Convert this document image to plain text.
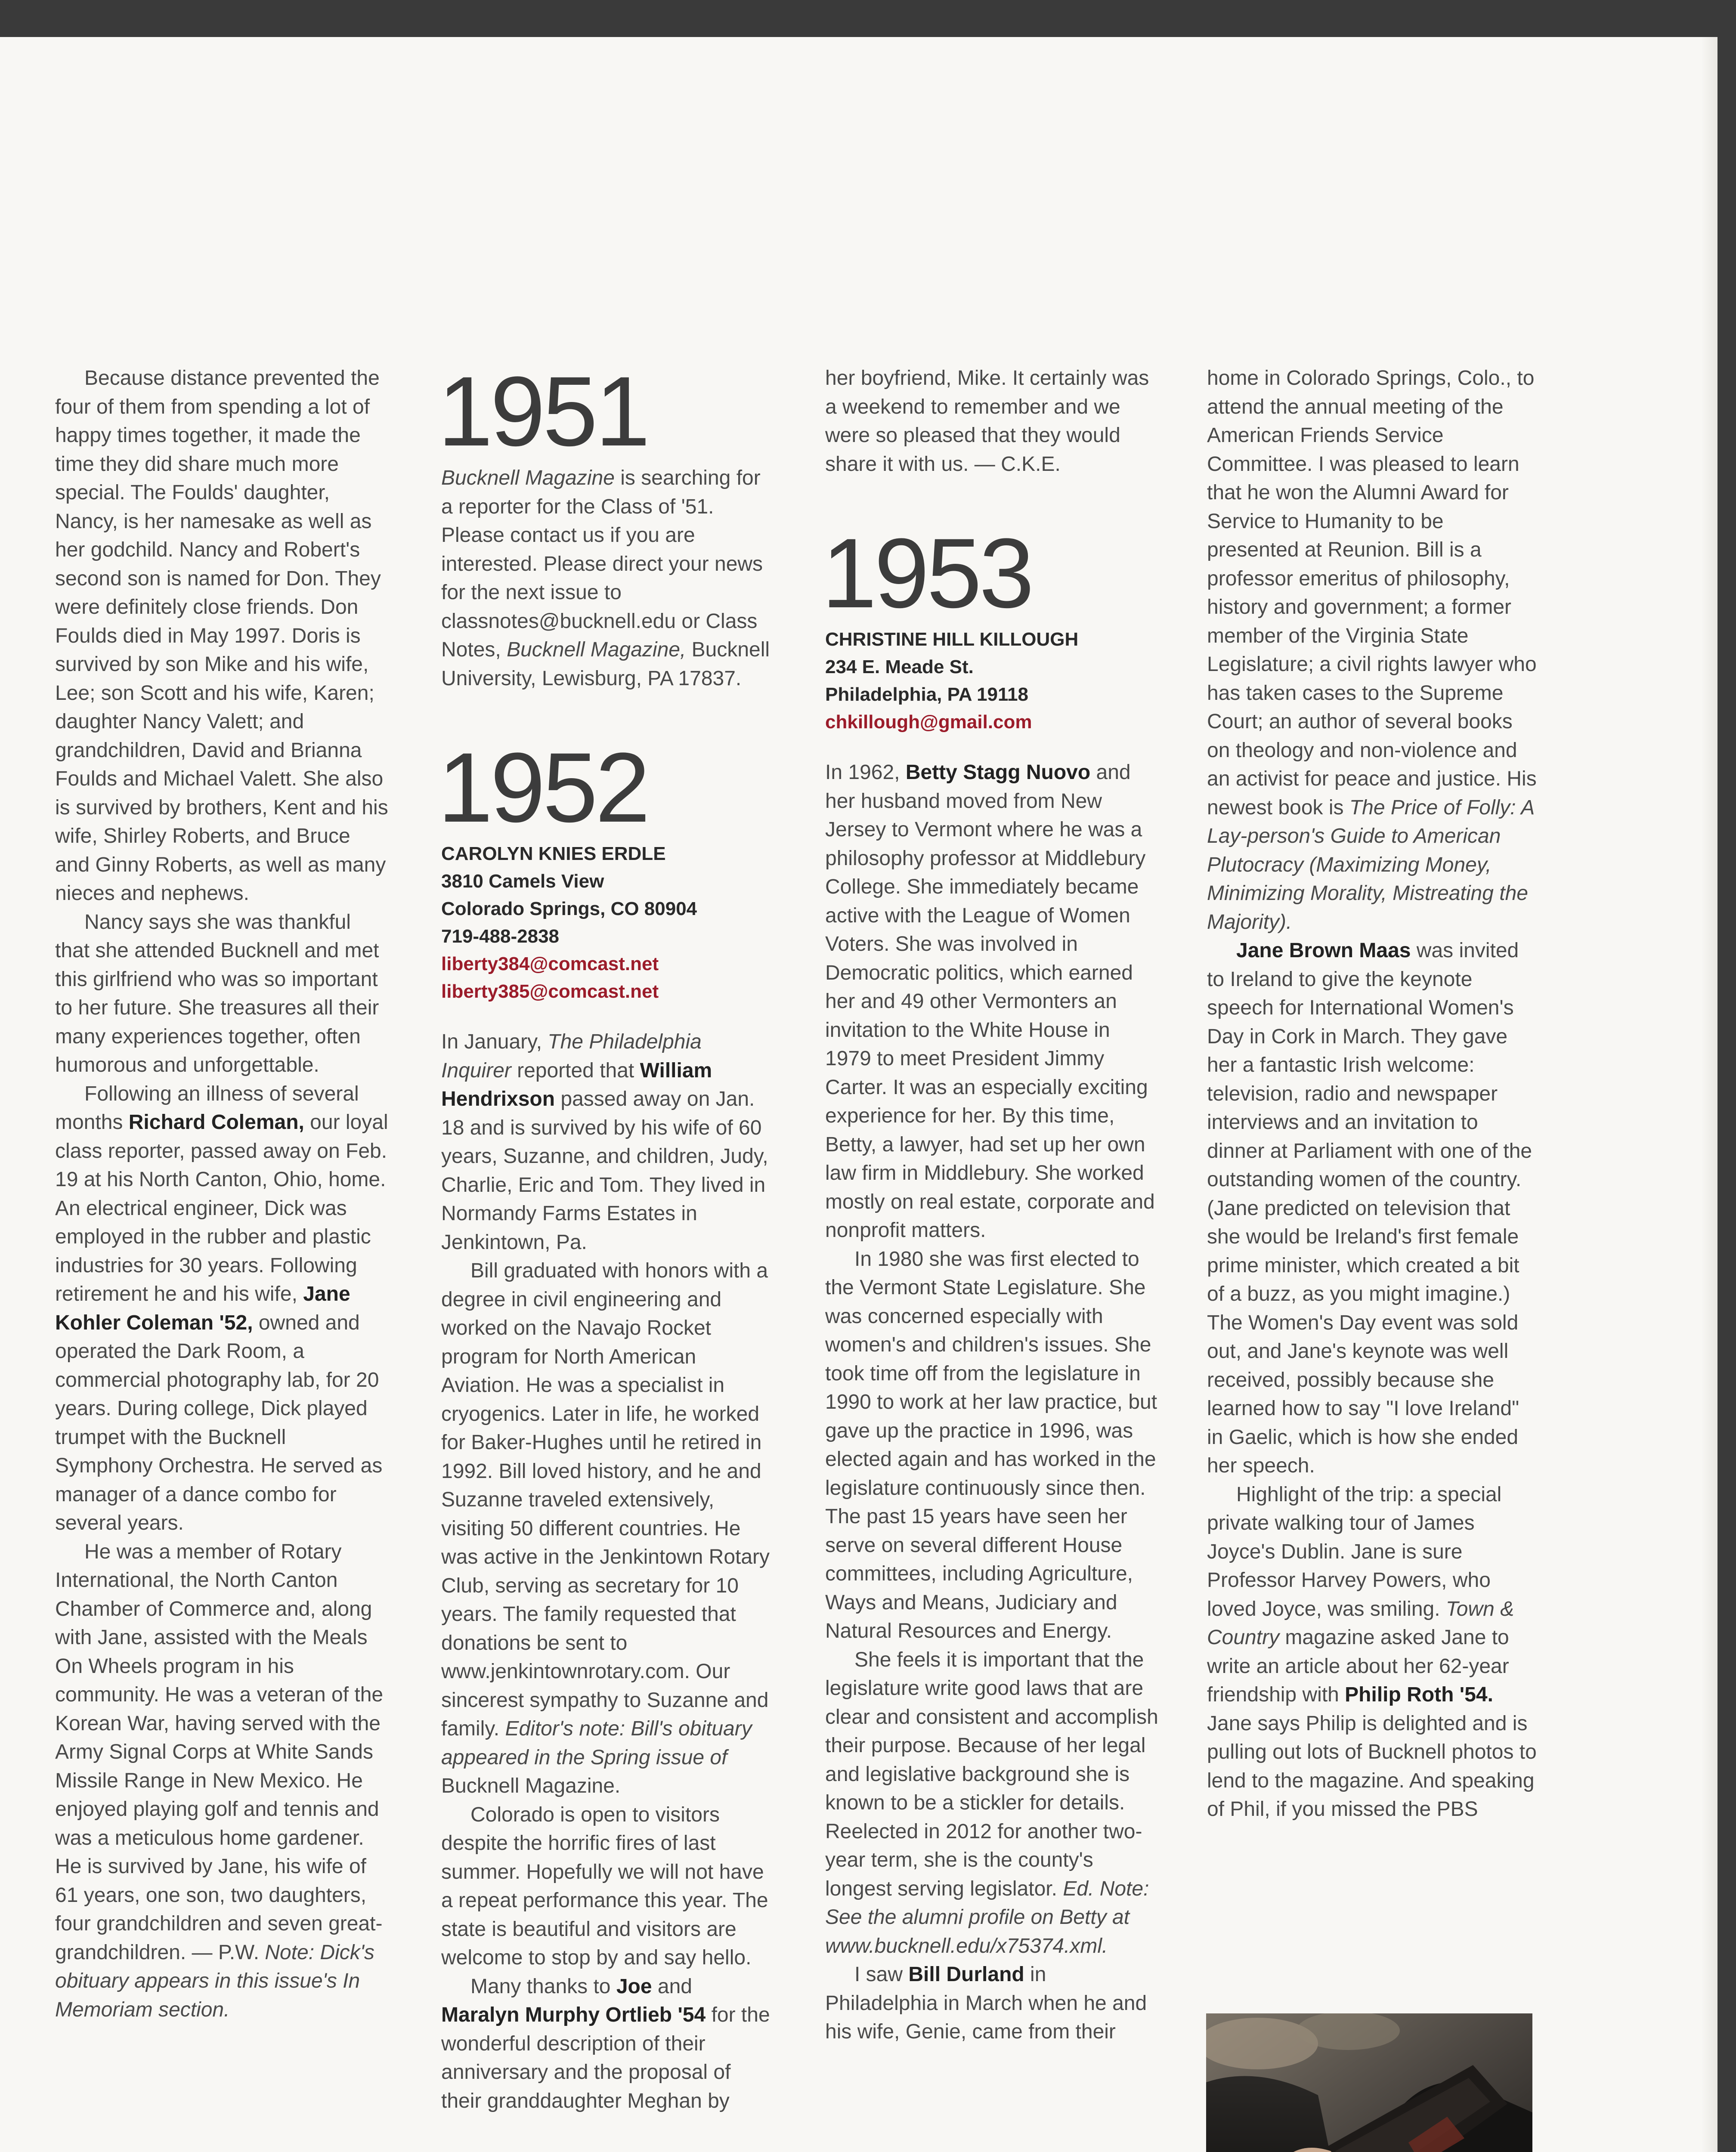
Because distance prevented the four of them from spending a lot of happy times together, it made the time they did share much more special. The Foulds' daughter, Nancy, is her namesake as well as her godchild. Nancy and Robert's second son is named for Don. They were definitely close friends. Don Foulds died in May 1997. Doris is survived by son Mike and his wife, Lee; son Scott and his wife, Karen; daughter Nancy Valett; and grandchildren, David and Brianna Foulds and Michael Valett. She also is survived by brothers, Kent and his wife, Shirley Roberts, and Bruce and Ginny Roberts, as well as many nieces and nephews.

Nancy says she was thankful that she attended Bucknell and met this girlfriend who was so important to her future. She treasures all their many experiences together, often humorous and unforgettable.

Following an illness of several months Richard Coleman, our loyal class reporter, passed away on Feb. 19 at his North Canton, Ohio, home. An electrical engineer, Dick was employed in the rubber and plastic industries for 30 years. Following retirement he and his wife, Jane Kohler Coleman '52, owned and operated the Dark Room, a commercial photography lab, for 20 years. During college, Dick played trumpet with the Bucknell Symphony Orchestra. He served as manager of a dance combo for several years.

He was a member of Rotary International, the North Canton Chamber of Commerce and, along with Jane, assisted with the Meals On Wheels program in his community. He was a veteran of the Korean War, having served with the Army Signal Corps at White Sands Missile Range in New Mexico. He enjoyed playing golf and tennis and was a meticulous home gardener. He is survived by Jane, his wife of 61 years, one son, two daughters, four grandchildren and seven great-grandchildren. — P.W. Note: Dick's obituary appears in this issue's In Memoriam section.

1951

Bucknell Magazine is searching for a reporter for the Class of '51. Please contact us if you are interested. Please direct your news for the next issue to classnotes@bucknell.edu or Class Notes, Bucknell Magazine, Bucknell University, Lewisburg, PA 17837.

1952
CAROLYN KNIES ERDLE
3810 Camels View
Colorado Springs, CO 80904
719-488-2838
liberty384@comcast.net
liberty385@comcast.net

In January, The Philadelphia Inquirer reported that William Hendrixson passed away on Jan. 18 and is survived by his wife of 60 years, Suzanne, and children, Judy, Charlie, Eric and Tom. They lived in Normandy Farms Estates in Jenkintown, Pa.

Bill graduated with honors with a degree in civil engineering and worked on the Navajo Rocket program for North American Aviation. He was a specialist in cryogenics. Later in life, he worked for Baker-Hughes until he retired in 1992. Bill loved history, and he and Suzanne traveled extensively, visiting 50 different countries. He was active in the Jenkintown Rotary Club, serving as secretary for 10 years. The family requested that donations be sent to www.jenkintownrotary.com. Our sincerest sympathy to Suzanne and family. Editor's note: Bill's obituary appeared in the Spring issue of Bucknell Magazine.

Colorado is open to visitors despite the horrific fires of last summer. Hopefully we will not have a repeat performance this year. The state is beautiful and visitors are welcome to stop by and say hello.

Many thanks to Joe and Maralyn Murphy Ortlieb '54 for the wonderful description of their anniversary and the proposal of their granddaughter Meghan by

her boyfriend, Mike. It certainly was a weekend to remember and we were so pleased that they would share it with us. — C.K.E.

1953
CHRISTINE HILL KILLOUGH
234 E. Meade St.
Philadelphia, PA 19118
chkillough@gmail.com

In 1962, Betty Stagg Nuovo and her husband moved from New Jersey to Vermont where he was a philosophy professor at Middlebury College. She immediately became active with the League of Women Voters. She was involved in Democratic politics, which earned her and 49 other Vermonters an invitation to the White House in 1979 to meet President Jimmy Carter. It was an especially exciting experience for her. By this time, Betty, a lawyer, had set up her own law firm in Middlebury. She worked mostly on real estate, corporate and nonprofit matters.

In 1980 she was first elected to the Vermont State Legislature. She was concerned especially with women's and children's issues. She took time off from the legislature in 1990 to work at her law practice, but gave up the practice in 1996, was elected again and has worked in the legislature continuously since then. The past 15 years have seen her serve on several different House committees, including Agriculture, Ways and Means, Judiciary and Natural Resources and Energy.

She feels it is important that the legislature write good laws that are clear and consistent and accomplish their purpose. Because of her legal and legislative background she is known to be a stickler for details. Reelected in 2012 for another two-year term, she is the county's longest serving legislator. Ed. Note: See the alumni profile on Betty at www.bucknell.edu/x75374.xml.

I saw Bill Durland in Philadelphia in March when he and his wife, Genie, came from their

home in Colorado Springs, Colo., to attend the annual meeting of the American Friends Service Committee. I was pleased to learn that he won the Alumni Award for Service to Humanity to be presented at Reunion. Bill is a professor emeritus of philosophy, history and government; a former member of the Virginia State Legislature; a civil rights lawyer who has taken cases to the Supreme Court; an author of several books on theology and non-violence and an activist for peace and justice. His newest book is The Price of Folly: A Lay-person's Guide to American Plutocracy (Maximizing Money, Minimizing Morality, Mistreating the Majority).

Jane Brown Maas was invited to Ireland to give the keynote speech for International Women's Day in Cork in March. They gave her a fantastic Irish welcome: television, radio and newspaper interviews and an invitation to dinner at Parliament with one of the outstanding women of the country. (Jane predicted on television that she would be Ireland's first female prime minister, which created a bit of a buzz, as you might imagine.) The Women's Day event was sold out, and Jane's keynote was well received, possibly because she learned how to say "I love Ireland" in Gaelic, which is how she ended her speech.

Highlight of the trip: a special private walking tour of James Joyce's Dublin. Jane is sure Professor Harvey Powers, who loved Joyce, was smiling. Town & Country magazine asked Jane to write an article about her 62-year friendship with Philip Roth '54. Jane says Philip is delighted and is pulling out lots of Bucknell photos to lend to the magazine. And speaking of Phil, if you missed the PBS
